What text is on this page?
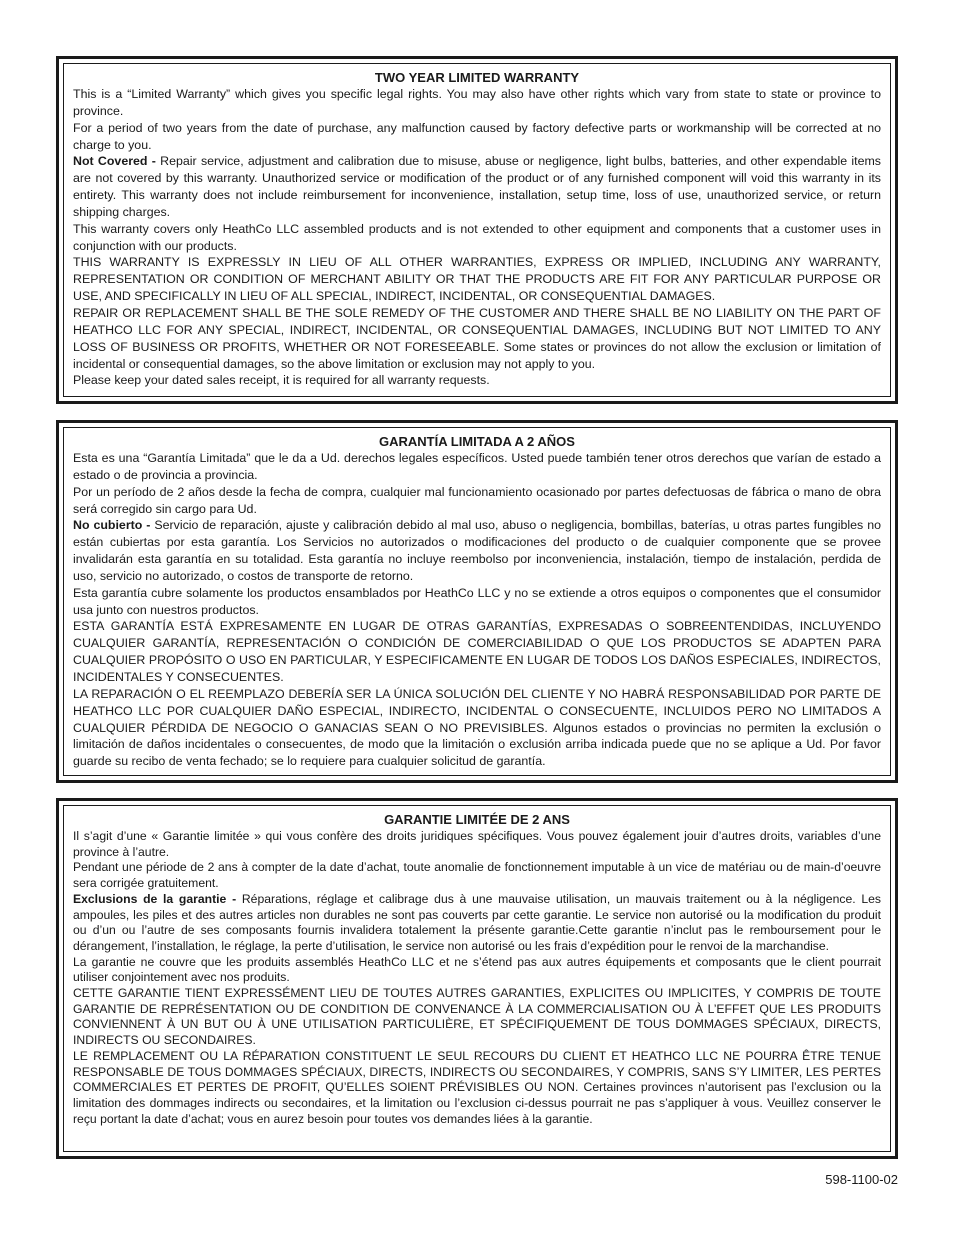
TWO YEAR LIMITED WARRANTY

This is a “Limited Warranty” which gives you specific legal rights. You may also have other rights which vary from state to state or province to province.

For a period of two years from the date of purchase, any malfunction caused by factory defective parts or workmanship will be corrected at no charge to you.

Not Covered - Repair service, adjustment and calibration due to misuse, abuse or negligence, light bulbs, batteries, and other expendable items are not covered by this warranty. Unauthorized service or modification of the product or of any furnished component will void this warranty in its entirety. This warranty does not include reimbursement for inconvenience, installation, setup time, loss of use, unauthorized service, or return shipping charges.

This warranty covers only HeathCo LLC assembled products and is not extended to other equipment and components that a customer uses in conjunction with our products.

THIS WARRANTY IS EXPRESSLY IN LIEU OF ALL OTHER WARRANTIES, EXPRESS OR IMPLIED, INCLUDING ANY WARRANTY, REPRESENTATION OR CONDITION OF MERCHANT ABILITY OR THAT THE PRODUCTS ARE FIT FOR ANY PARTICULAR PURPOSE OR USE, AND SPECIFICALLY IN LIEU OF ALL SPECIAL, INDIRECT, INCIDENTAL, OR CONSEQUENTIAL DAMAGES.

REPAIR OR REPLACEMENT SHALL BE THE SOLE REMEDY OF THE CUSTOMER AND THERE SHALL BE NO LIABILITY ON THE PART OF HEATHCO LLC FOR ANY SPECIAL, INDIRECT, INCIDENTAL, OR CONSEQUENTIAL DAMAGES, INCLUDING BUT NOT LIMITED TO ANY LOSS OF BUSINESS OR PROFITS, WHETHER OR NOT FORESEEABLE. Some states or provinces do not allow the exclusion or limitation of incidental or consequential damages, so the above limitation or exclusion may not apply to you.

Please keep your dated sales receipt, it is required for all warranty requests.

GARANTÍA LIMITADA A 2 AÑOS

Esta es una “Garantía Limitada” que le da a Ud. derechos legales específicos. Usted puede también tener otros derechos que varían de estado a estado o de provincia a provincia.

Por un período de 2 años desde la fecha de compra, cualquier mal funcionamiento ocasionado por partes defectuosas de fábrica o mano de obra será corregido sin cargo para Ud.

No cubierto - Servicio de reparación, ajuste y calibración debido al mal uso, abuso o negligencia, bombillas, baterías, u otras partes fungibles no están cubiertas por esta garantía. Los Servicios no autorizados o modificaciones del producto o de cualquier componente que se provee invalidarán esta garantía en su totalidad. Esta garantía no incluye reembolso por inconveniencia, instalación, tiempo de instalación, perdida de uso, servicio no autorizado, o costos de transporte de retorno.

Esta garantía cubre solamente los productos ensamblados por HeathCo LLC y no se extiende a otros equipos o componentes que el consumidor usa junto con nuestros productos.

ESTA GARANTÍA ESTÁ EXPRESAMENTE EN LUGAR DE OTRAS GARANTÍAS, EXPRESADAS O SOBREENTENDIDAS, INCLUYENDO CUALQUIER GARANTÍA, REPRESENTACIÓN O CONDICIÓN DE COMERCIABILIDAD O QUE LOS PRODUCTOS SE ADAPTEN PARA CUALQUIER PROPÓSITO O USO EN PARTICULAR, Y ESPECIFICAMENTE EN LUGAR DE TODOS LOS DAÑOS ESPECIALES, INDIRECTOS, INCIDENTALES Y CONSECUENTES.

LA REPARACIÓN O EL REEMPLAZO DEBERÍA SER LA ÚNICA SOLUCIÓN DEL CLIENTE Y NO HABRÁ RESPONSABILIDAD POR PARTE DE HEATHCO LLC POR CUALQUIER DAÑO ESPECIAL, INDIRECTO, INCIDENTAL O CONSECUENTE, INCLUIDOS PERO NO LIMITADOS A CUALQUIER PÉRDIDA DE NEGOCIO O GANACIAS SEAN O NO PREVISIBLES. Algunos estados o provincias no permiten la exclusión o limitación de daños incidentales o consecuentes, de modo que la limitación o exclusión arriba indicada puede que no se aplique a Ud. Por favor guarde su recibo de venta fechado; se lo requiere para cualquier solicitud de garantía.

GARANTIE LIMITÉE DE 2 ANS

Il s’agit d’une « Garantie limitée » qui vous confère des droits juridiques spécifiques. Vous pouvez également jouir d’autres droits, variables d’une province à l’autre.

Pendant une période de 2 ans à compter de la date d’achat, toute anomalie de fonctionnement imputable à un vice de matériau ou de main-d’oeuvre sera corrigée gratuitement.

Exclusions de la garantie - Réparations, réglage et calibrage dus à une mauvaise utilisation, un mauvais traitement ou à la négligence. Les ampoules, les piles et des autres articles non durables ne sont pas couverts par cette garantie. Le service non autorisé ou la modification du produit ou d’un ou l’autre de ses composants fournis invalidera totalement la présente garantie.Cette garantie n’inclut pas le remboursement pour le dérangement, l’installation, le réglage, la perte d’utilisation, le service non autorisé ou les frais d’expédition pour le renvoi de la marchandise.

La garantie ne couvre que les produits assemblés HeathCo LLC et ne s’étend pas aux autres équipements et composants que le client pourrait utiliser conjointement avec nos produits.

CETTE GARANTIE TIENT EXPRESSÉMENT LIEU DE TOUTES AUTRES GARANTIES, EXPLICITES OU IMPLICITES, Y COMPRIS DE TOUTE GARANTIE DE REPRÉSENTATION OU DE CONDITION DE CONVENANCE À LA COMMERCIALISATION OU À L’EFFET QUE LES PRODUITS CONVIENNENT À UN BUT OU À UNE UTILISATION PARTICULIÈRE, ET SPÉCIFIQUEMENT DE TOUS DOMMAGES SPÉCIAUX, DIRECTS, INDIRECTS OU SECONDAIRES.

LE REMPLACEMENT OU LA RÉPARATION CONSTITUENT LE SEUL RECOURS DU CLIENT ET HEATHCO LLC NE POURRA ÊTRE TENUE RESPONSABLE DE TOUS DOMMAGES SPÉCIAUX, DIRECTS, INDIRECTS OU SECONDAIRES, Y COMPRIS, SANS S’Y LIMITER, LES PERTES COMMERCIALES ET PERTES DE PROFIT, QU’ELLES SOIENT PRÉVISIBLES OU NON. Certaines provinces n’autorisent pas l’exclusion ou la limitation des dommages indirects ou secondaires, et la limitation ou l’exclusion ci-dessus pourrait ne pas s’appliquer à vous. Veuillez conserver le reçu portant la date d’achat; vous en aurez besoin pour toutes vos demandes liées à la garantie.

598-1100-02
